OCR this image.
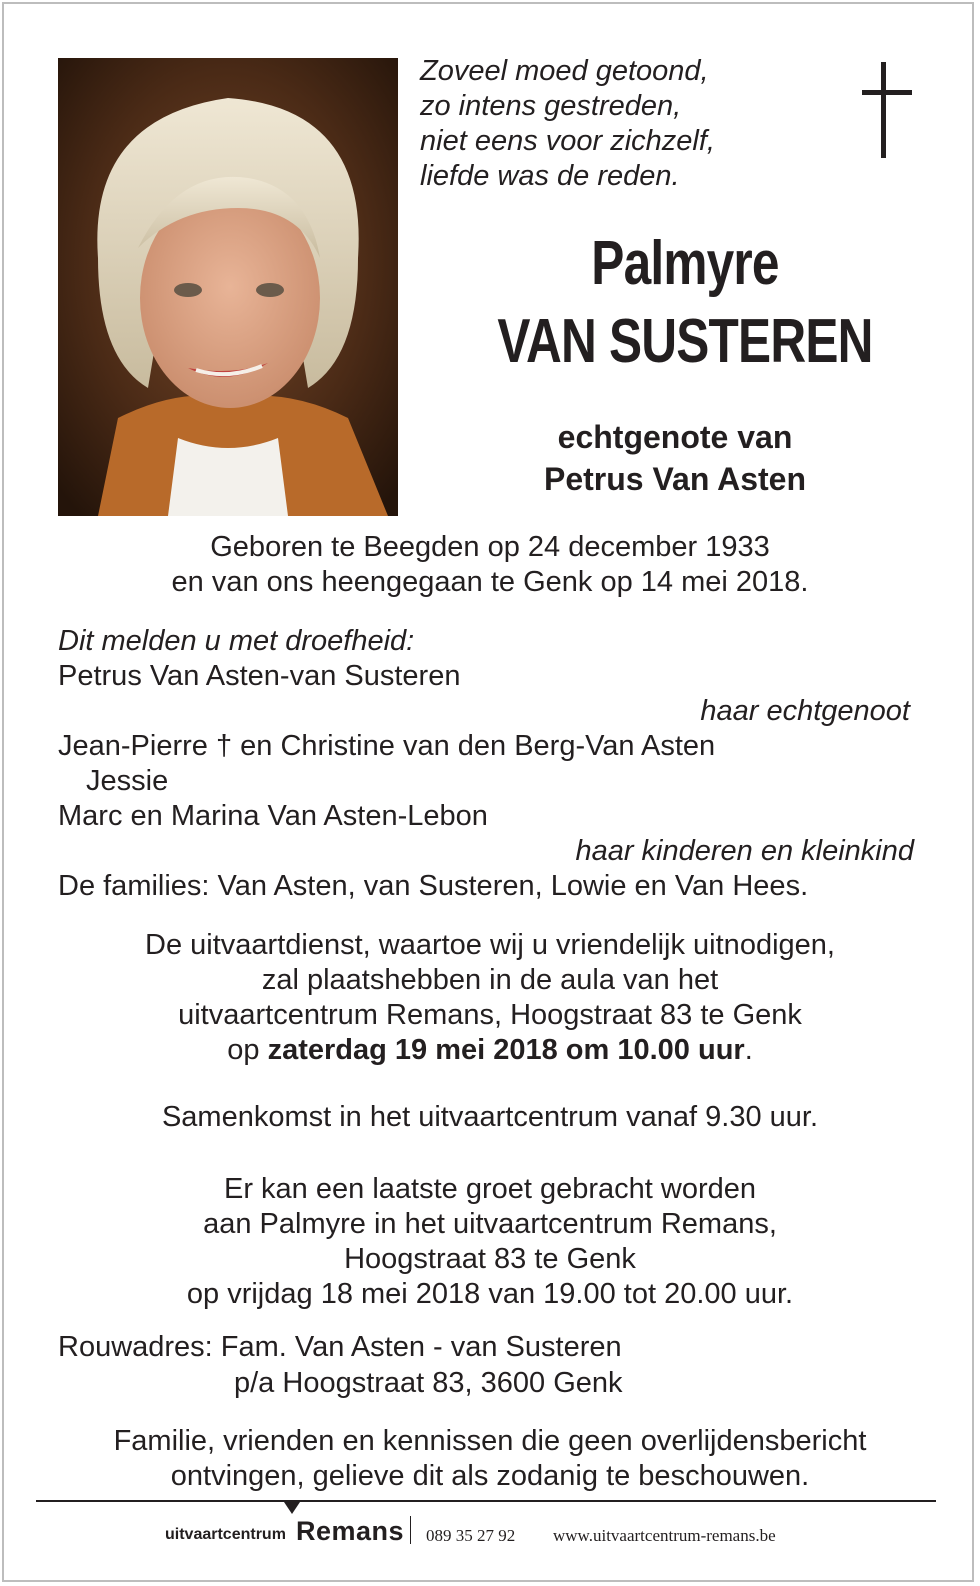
Zoveel moed getoond,
zo intens gestreden,
niet eens voor zichzelf,
liefde was de reden.
Palmyre
VAN SUSTEREN
echtgenote van
Petrus Van Asten
Geboren te Beegden op 24 december 1933
en van ons heengegaan te Genk op 14 mei 2018.
Dit melden u met droefheid:
Petrus Van Asten-van Susteren
haar echtgenoot
Jean-Pierre † en Christine van den Berg-Van Asten
Jessie
Marc en Marina Van Asten-Lebon
haar kinderen en kleinkind
De families: Van Asten, van Susteren, Lowie en Van Hees.
De uitvaartdienst, waartoe wij u vriendelijk uitnodigen,
zal plaatshebben in de aula van het
uitvaartcentrum Remans, Hoogstraat 83 te Genk
op zaterdag 19 mei 2018 om 10.00 uur.
Samenkomst in het uitvaartcentrum vanaf 9.30 uur.
Er kan een laatste groet gebracht worden
aan Palmyre in het uitvaartcentrum Remans,
Hoogstraat 83 te Genk
op vrijdag 18 mei 2018 van 19.00 tot 20.00 uur.
Rouwadres: Fam. Van Asten - van Susteren
p/a Hoogstraat 83, 3600 Genk
Familie, vrienden en kennissen die geen overlijdensbericht
ontvingen, gelieve dit als zodanig te beschouwen.
uitvaartcentrum Remans 089 35 27 92 www.uitvaartcentrum-remans.be
